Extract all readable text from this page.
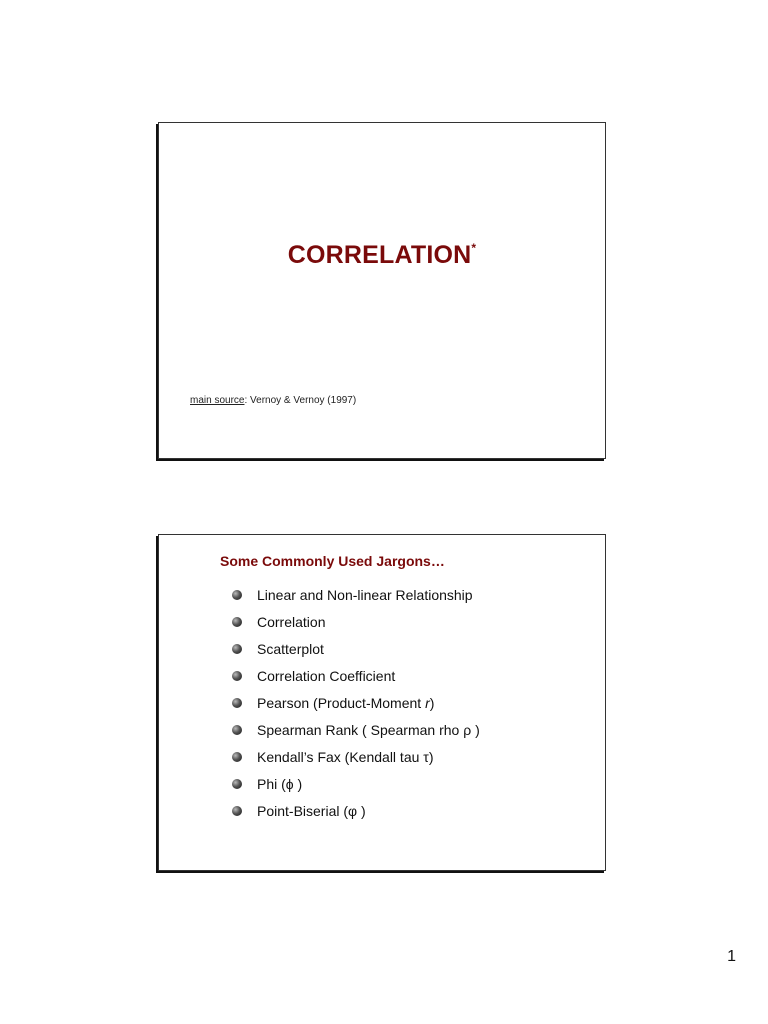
CORRELATION*
main source: Vernoy & Vernoy (1997)
Some Commonly Used Jargons…
Linear and Non-linear Relationship
Correlation
Scatterplot
Correlation Coefficient
Pearson (Product-Moment r)
Spearman Rank ( Spearman rho ρ )
Kendall’s Fax (Kendall tau τ)
Phi (ϕ )
Point-Biserial (φ )
1
